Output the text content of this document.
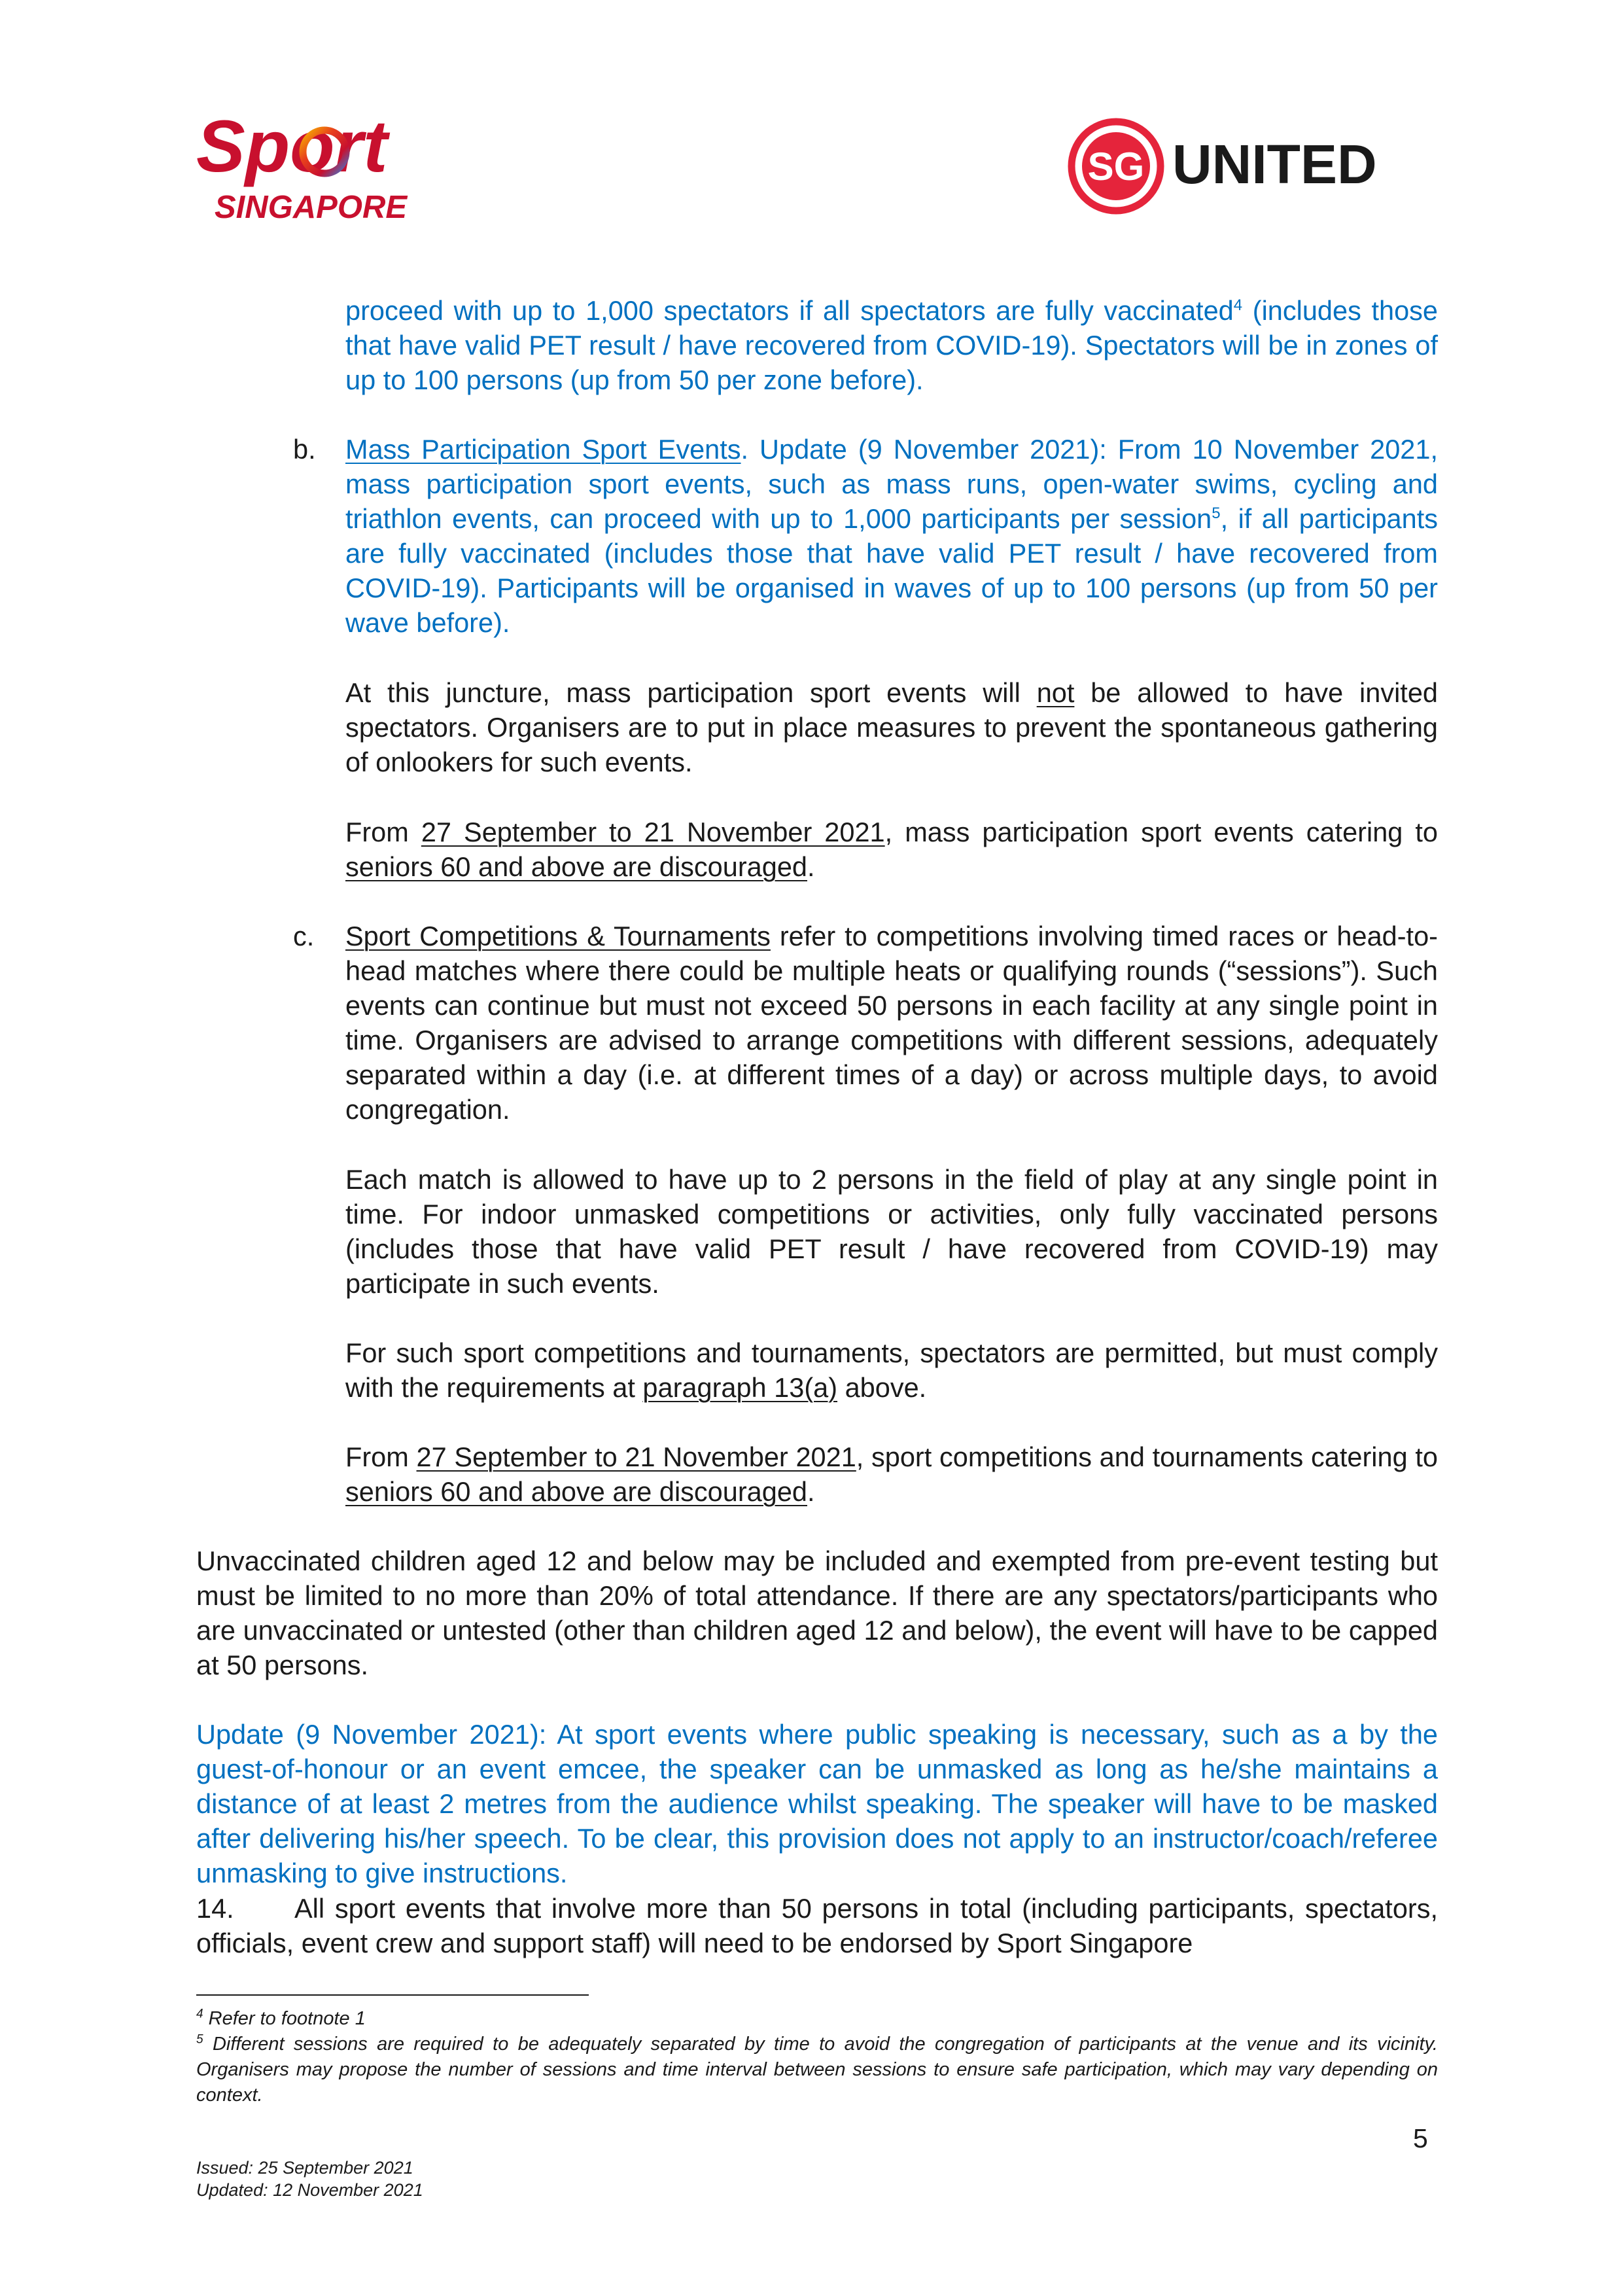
Sport
SINGAPORE
SG UNITED

proceed with up to 1,000 spectators if all spectators are fully vaccinated$^4$ (includes those that have valid PET result / have recovered from COVID-19). Spectators will be in zones of up to 100 persons (up from 50 per zone before).

b. Mass Participation Sport Events. Update (9 November 2021): From 10 November 2021, mass participation sport events, such as mass runs, open-water swims, cycling and triathlon events, can proceed with up to 1,000 participants per session$^5$, if all participants are fully vaccinated (includes those that have valid PET result / have recovered from COVID-19). Participants will be organised in waves of up to 100 persons (up from 50 per wave before).

At this juncture, mass participation sport events will not be allowed to have invited spectators. Organisers are to put in place measures to prevent the spontaneous gathering of onlookers for such events.

From 27 September to 21 November 2021, mass participation sport events catering to seniors 60 and above are discouraged.

c. Sport Competitions & Tournaments refer to competitions involving timed races or head-to-head matches where there could be multiple heats or qualifying rounds (“sessions”). Such events can continue but must not exceed 50 persons in each facility at any single point in time. Organisers are advised to arrange competitions with different sessions, adequately separated within a day (i.e. at different times of a day) or across multiple days, to avoid congregation.

Each match is allowed to have up to 2 persons in the field of play at any single point in time. For indoor unmasked competitions or activities, only fully vaccinated persons (includes those that have valid PET result / have recovered from COVID-19) may participate in such events.

For such sport competitions and tournaments, spectators are permitted, but must comply with the requirements at paragraph 13(a) above.

From 27 September to 21 November 2021, sport competitions and tournaments catering to seniors 60 and above are discouraged.

Unvaccinated children aged 12 and below may be included and exempted from pre-event testing but must be limited to no more than 20% of total attendance. If there are any spectators/participants who are unvaccinated or untested (other than children aged 12 and below), the event will have to be capped at 50 persons.

Update (9 November 2021): At sport events where public speaking is necessary, such as a by the guest-of-honour or an event emcee, the speaker can be unmasked as long as he/she maintains a distance of at least 2 metres from the audience whilst speaking. The speaker will have to be masked after delivering his/her speech. To be clear, this provision does not apply to an instructor/coach/referee unmasking to give instructions.

14. All sport events that involve more than 50 persons in total (including participants, spectators, officials, event crew and support staff) will need to be endorsed by Sport Singapore

$^4$ Refer to footnote 1

$^5$ Different sessions are required to be adequately separated by time to avoid the congregation of participants at the venue and its vicinity. Organisers may propose the number of sessions and time interval between sessions to ensure safe participation, which may vary depending on context.

5
Issued: 25 September 2021
Updated: 12 November 2021
